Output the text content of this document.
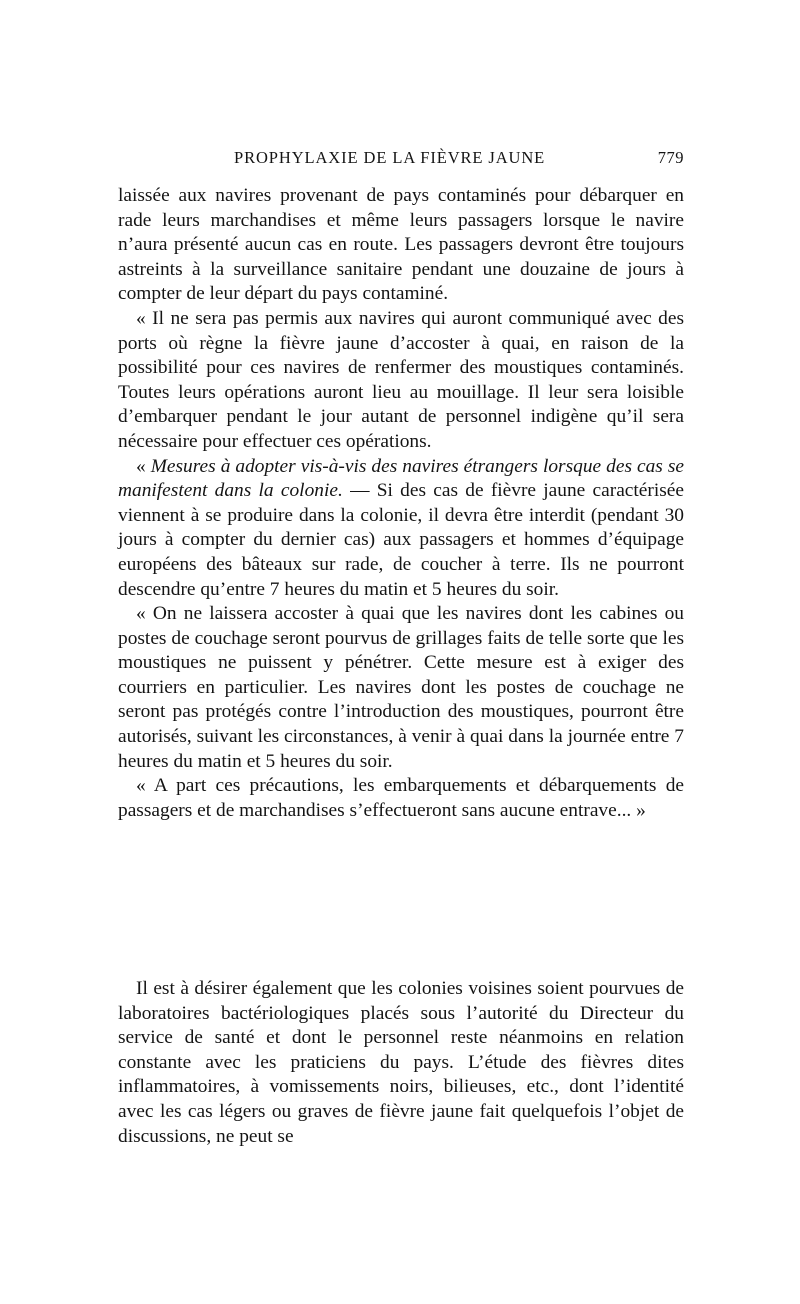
PROPHYLAXIE DE LA FIÈVRE JAUNE	779

laissée aux navires provenant de pays contaminés pour débarquer en rade leurs marchandises et même leurs passagers lorsque le navire n’aura présenté aucun cas en route. Les passagers devront être toujours astreints à la surveillance sanitaire pendant une douzaine de jours à compter de leur départ du pays contaminé.

« Il ne sera pas permis aux navires qui auront communiqué avec des ports où règne la fièvre jaune d’accoster à quai, en raison de la possibilité pour ces navires de renfermer des moustiques contaminés. Toutes leurs opérations auront lieu au mouillage. Il leur sera loisible d’embarquer pendant le jour autant de personnel indigène qu’il sera nécessaire pour effectuer ces opérations.

« Mesures à adopter vis-à-vis des navires étrangers lorsque des cas se manifestent dans la colonie. — Si des cas de fièvre jaune caractérisée viennent à se produire dans la colonie, il devra être interdit (pendant 30 jours à compter du dernier cas) aux passagers et hommes d’équipage européens des bâteaux sur rade, de coucher à terre. Ils ne pourront descendre qu’entre 7 heures du matin et 5 heures du soir.

« On ne laissera accoster à quai que les navires dont les cabines ou postes de couchage seront pourvus de grillages faits de telle sorte que les moustiques ne puissent y pénétrer. Cette mesure est à exiger des courriers en particulier. Les navires dont les postes de couchage ne seront pas protégés contre l’introduction des moustiques, pourront être autorisés, suivant les circonstances, à venir à quai dans la journée entre 7 heures du matin et 5 heures du soir.

« A part ces précautions, les embarquements et débarquements de passagers et de marchandises s’effectueront sans aucune entrave... »

Il est à désirer également que les colonies voisines soient pourvues de laboratoires bactériologiques placés sous l’autorité du Directeur du service de santé et dont le personnel reste néanmoins en relation constante avec les praticiens du pays. L’étude des fièvres dites inflammatoires, à vomissements noirs, bilieuses, etc., dont l’identité avec les cas légers ou graves de fièvre jaune fait quelquefois l’objet de discussions, ne peut se
